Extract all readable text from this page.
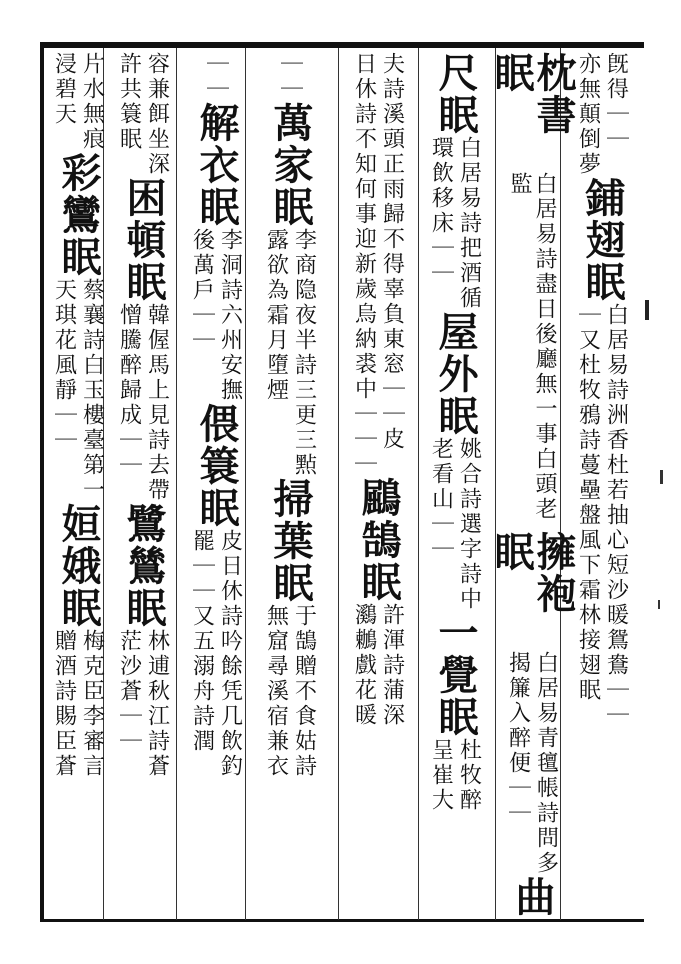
亦無顛倒夢 旣得｜｜
鋪翅眠
｜又杜牧鴉詩蔓壘盤風下霜林接翅眠 白居易詩洲香杜若抽心短沙暖鴛鴦｜｜
枕書眠
白居易詩盡日後廳無一事白頭老監
擁袍眠
揭簾入醉便｜｜ 白居易青氊帳詩問多
曲
尺眠
環飲移床｜｜ 白居易詩把酒循
屋外眠
老看山｜｜ 姚合詩選字詩中
一覺眠
呈崔大 杜牧醉
日休詩不知何事迎新歲烏納裘中｜｜｜ 夫詩溪頭正雨歸不得辜負東窓｜｜皮
鶌鵠眠
鸂鶒戲花暖 許渾詩蒲深
｜｜
萬家眠
露欲為霜月墮煙 李商隐夜半詩三更三㸃
掃葉眠
無窟尋溪宿兼衣 于鵠贈不食姑詩
｜｜
解衣眠
後萬戶｜｜ 李洞詩六州安撫
偎簑眠
罷｜｜又五溺舟詩潤 皮日休詩吟餘凭几飲釣
許共簑眠 容兼餌坐深
困頓眠
憎騰醉歸成｜｜ 韓偓馬上見詩去帶
鷺鷥眠
茫沙蒼｜｜ 林逋秋江詩蒼
浸碧天 片水無痕
彩鸞眠
天琪花風靜｜｜ 蔡襄詩白玉樓臺第一
姮娥眠
贈酒詩賜臣蒼 梅克臣李審言
